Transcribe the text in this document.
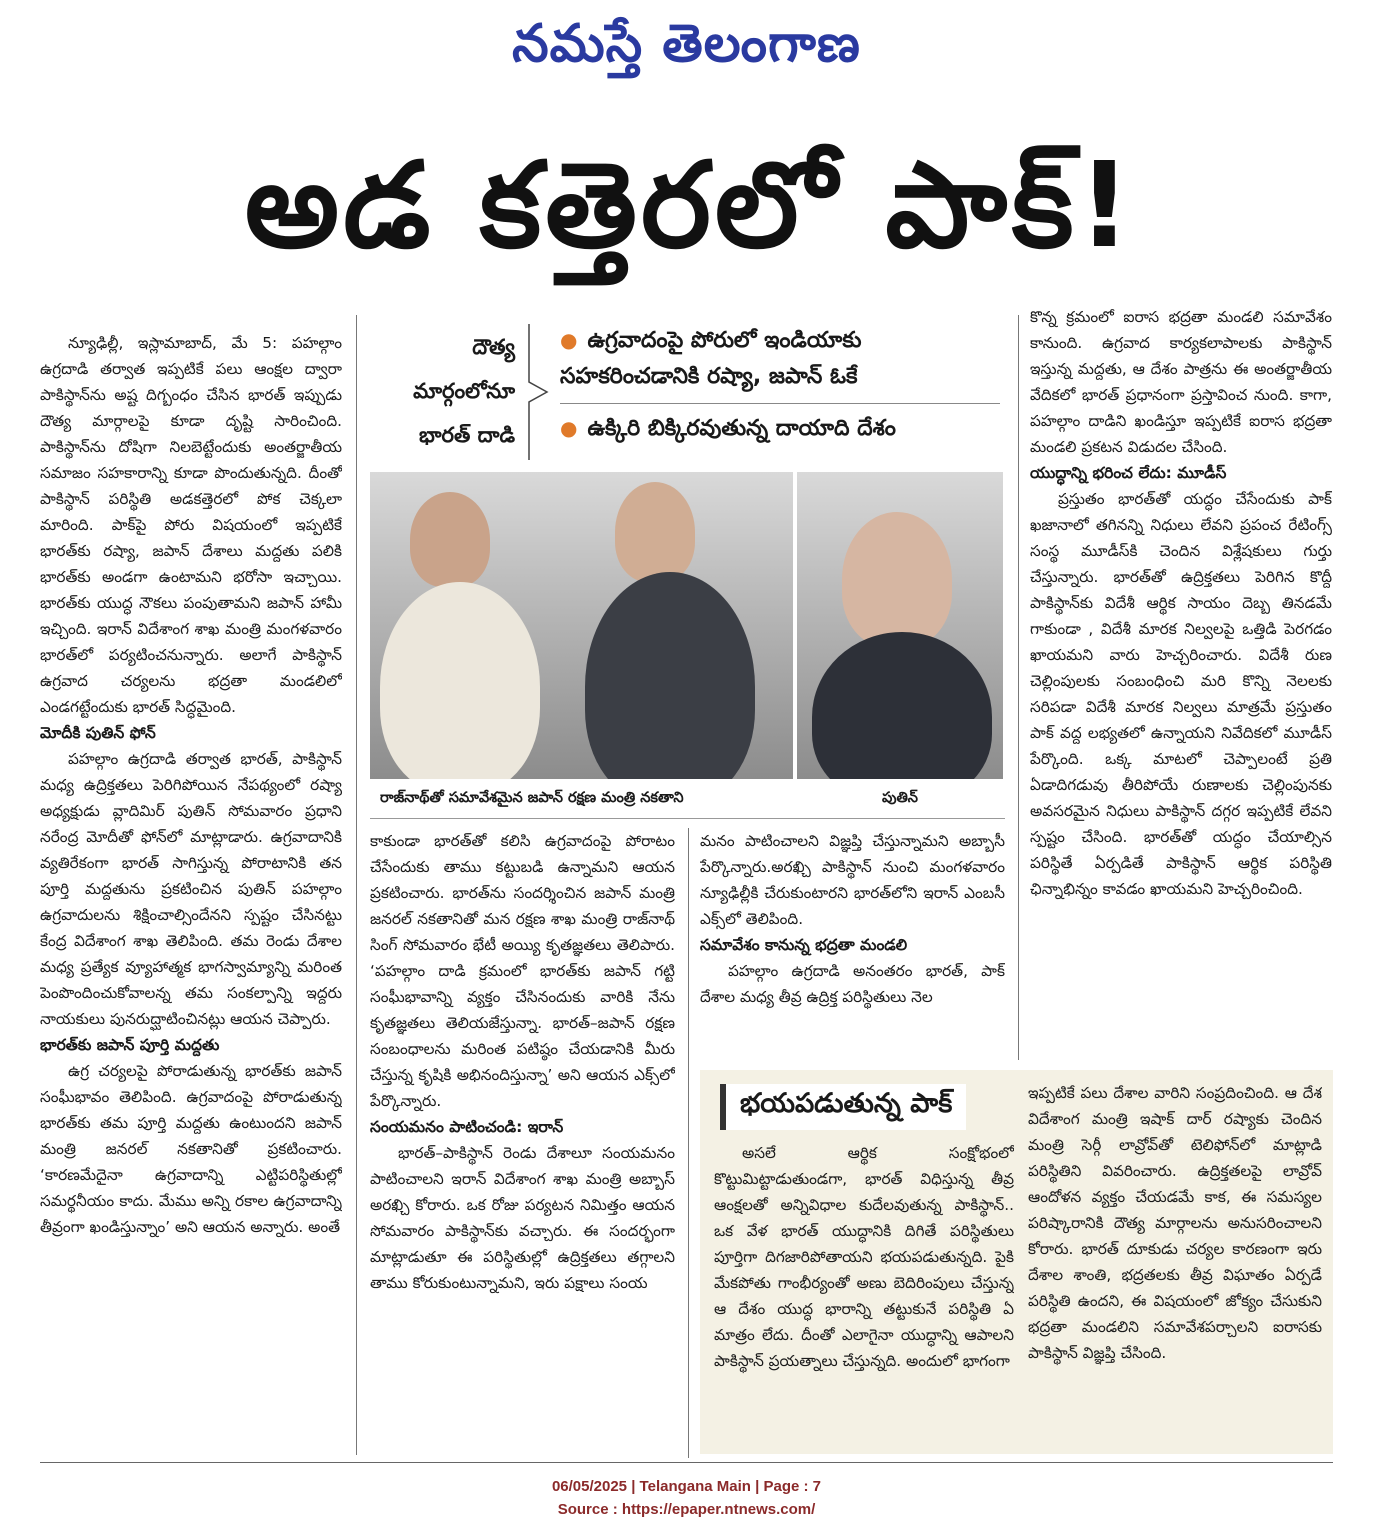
నమస్తే తెలంగాణ
అడ కత్తెరలో పాక్!

న్యూఢిల్లీ, ఇస్లామాబాద్, మే 5: పహల్గాం ఉగ్రదాడి తర్వాత ఇప్పటికే పలు ఆంక్షల ద్వారా పాకిస్థాన్‌ను అష్ట దిగ్బంధం చేసిన భారత్ ఇప్పుడు దౌత్య మార్గాలపై కూడా దృష్టి సారించింది. పాకిస్థాన్‌ను దోషిగా నిలబెట్టేందుకు అంతర్జాతీయ సమాజం సహకారాన్ని కూడా పొందుతున్నది. దీంతో పాకిస్థాన్ పరిస్థితి అడకత్తెరలో పోక చెక్కలా మారింది. పాక్‌పై పోరు విషయంలో ఇప్పటికే భారత్‌కు రష్యా, జపాన్ దేశాలు మద్దతు పలికి భారత్‌కు అండగా ఉంటామని భరోసా ఇచ్చాయి. భారత్‌కు యుద్ధ నౌకలు పంపుతామని జపాన్ హామీ ఇచ్చింది. ఇరాన్ విదేశాంగ శాఖ మంత్రి మంగళవారం భారత్‌లో పర్యటించనున్నారు. అలాగే పాకిస్థాన్ ఉగ్రవాద చర్యలను భద్రతా మండలిలో ఎండగట్టేందుకు భారత్ సిద్ధమైంది.

మోదీకి పుతిన్ ఫోన్

పహల్గాం ఉగ్రదాడి తర్వాత భారత్, పాకిస్థాన్ మధ్య ఉద్రిక్తతలు పెరిగిపోయిన నేపథ్యంలో రష్యా అధ్యక్షుడు వ్లాదిమిర్ పుతిన్ సోమవారం ప్రధాని నరేంద్ర మోదీతో ఫోన్‌లో మాట్లాడారు. ఉగ్రవాదానికి వ్యతిరేకంగా భారత్ సాగిస్తున్న పోరాటానికి తన పూర్తి మద్దతును ప్రకటించిన పుతిన్ పహల్గాం ఉగ్రవాదులను శిక్షించాల్సిందేనని స్పష్టం చేసినట్టు కేంద్ర విదేశాంగ శాఖ తెలిపింది. తమ రెండు దేశాల మధ్య ప్రత్యేక వ్యూహాత్మక భాగస్వామ్యాన్ని మరింత పెంపొందించుకోవాలన్న తమ సంకల్పాన్ని ఇద్దరు నాయకులు పునరుద్ఘాటించినట్లు ఆయన చెప్పారు.

భారత్‌కు జపాన్ పూర్తి మద్దతు

ఉగ్ర చర్యలపై పోరాడుతున్న భారత్‌కు జపాన్ సంఘీభావం తెలిపింది. ఉగ్రవాదంపై పోరాడుతున్న భారత్‌కు తమ పూర్తి మద్దతు ఉంటుందని జపాన్ మంత్రి జనరల్ నకతానితో ప్రకటించారు. ‘కారణమేదైనా ఉగ్రవాదాన్ని ఎట్టిపరిస్థితుల్లో సమర్థనీయం కాదు. మేము అన్ని రకాల ఉగ్రవాదాన్ని తీవ్రంగా ఖండిస్తున్నాం’ అని ఆయన అన్నారు. అంతే

దౌత్య
మార్గంలోనూ
భారత్ దాడి
● ఉగ్రవాదంపై పోరులో ఇండియాకు సహకరించడానికి రష్యా, జపాన్ ఓకే
● ఉక్కిరి బిక్కిరవుతున్న దాయాది దేశం
రాజ్‌నాథ్‌తో సమావేశమైన జపాన్ రక్షణ మంత్రి నకతాని	పుతిన్

కాకుండా భారత్‌తో కలిసి ఉగ్రవాదంపై పోరాటం చేసేందుకు తాము కట్టుబడి ఉన్నామని ఆయన ప్రకటించారు. భారత్‌ను సందర్శించిన జపాన్ మంత్రి జనరల్ నకతానితో మన రక్షణ శాఖ మంత్రి రాజ్‌నాథ్ సింగ్ సోమవారం భేటీ అయ్యి కృతజ్ఞతలు తెలిపారు. ‘పహల్గాం దాడి క్రమంలో భారత్‌కు జపాన్ గట్టి సంఘీభావాన్ని వ్యక్తం చేసినందుకు వారికి నేను కృతజ్ఞతలు తెలియజేస్తున్నా. భారత్–జపాన్ రక్షణ సంబంధాలను మరింత పటిష్ఠం చేయడానికి మీరు చేస్తున్న కృషికి అభినందిస్తున్నా’ అని ఆయన ఎక్స్‌లో పేర్కొన్నారు.

సంయమనం పాటించండి: ఇరాన్

భారత్–పాకిస్థాన్ రెండు దేశాలూ సంయమనం పాటించాలని ఇరాన్ విదేశాంగ శాఖ మంత్రి అబ్బాస్ అరఖ్చి కోరారు. ఒక రోజు పర్యటన నిమిత్తం ఆయన సోమవారం పాకిస్థాన్‌కు వచ్చారు. ఈ సందర్భంగా మాట్లాడుతూ ఈ పరిస్థితుల్లో ఉద్రిక్తతలు తగ్గాలని తాము కోరుకుంటున్నామని, ఇరు పక్షాలు సంయ

మనం పాటించాలని విజ్ఞప్తి చేస్తున్నామని అబ్బాసీ పేర్కొన్నారు.అరఖ్చి పాకిస్థాన్ నుంచి మంగళవారం న్యూఢిల్లీకి చేరుకుంటారని భారత్‌లోని ఇరాన్ ఎంబసీ ఎక్స్‌లో తెలిపింది.

సమావేశం కానున్న భద్రతా మండలి

పహల్గాం ఉగ్రదాడి అనంతరం భారత్, పాక్ దేశాల మధ్య తీవ్ర ఉద్రిక్త పరిస్థితులు నెల

కొన్న క్రమంలో ఐరాస భద్రతా మండలి సమావేశం కానుంది. ఉగ్రవాద కార్యకలాపాలకు పాకిస్థాన్ ఇస్తున్న మద్దతు, ఆ దేశం పాత్రను ఈ అంతర్జాతీయ వేదికలో భారత్ ప్రధానంగా ప్రస్తావించ నుంది. కాగా, పహల్గాం దాడిని ఖండిస్తూ ఇప్పటికే ఐరాస భద్రతా మండలి ప్రకటన విడుదల చేసింది.

యుద్ధాన్ని భరించ లేదు: మూడీస్

ప్రస్తుతం భారత్‌తో యద్ధం చేసేందుకు పాక్ ఖజానాలో తగినన్ని నిధులు లేవని ప్రపంచ రేటింగ్స్ సంస్థ మూడీస్‌కి చెందిన విశ్లేషకులు గుర్తు చేస్తున్నారు. భారత్‌తో ఉద్రిక్తతలు పెరిగిన కొద్దీ పాకిస్థాన్‌కు విదేశీ ఆర్థిక సాయం దెబ్బ తినడమే గాకుండా , విదేశీ మారక నిల్వలపై ఒత్తిడి పెరగడం ఖాయమని వారు హెచ్చరించారు. విదేశీ రుణ చెల్లింపులకు సంబంధించి మరి కొన్ని నెలలకు సరిపడా విదేశీ మారక నిల్వలు మాత్రమే ప్రస్తుతం పాక్ వద్ద లభ్యతలో ఉన్నాయని నివేదికలో మూడీస్ పేర్కొంది. ఒక్క మాటలో చెప్పాలంటే ప్రతి ఏడాదిగడువు తీరిపోయే రుణాలకు చెల్లింపునకు అవసరమైన నిధులు పాకిస్థాన్ దగ్గర ఇప్పటికే లేవని స్పష్టం చేసింది. భారత్‌తో యద్ధం చేయాల్సిన పరిస్థితే ఏర్పడితే పాకిస్థాన్ ఆర్థిక పరిస్థితి ఛిన్నాభిన్నం కావడం ఖాయమని హెచ్చరించింది.

భయపడుతున్న పాక్

అసలే ఆర్థిక సంక్షోభంలో కొట్టుమిట్టాడుతుండగా, భారత్ విధిస్తున్న తీవ్ర ఆంక్షలతో అన్నివిధాల కుదేలవుతున్న పాకిస్థాన్.. ఒక వేళ భారత్ యుద్ధానికి దిగితే పరిస్థితులు పూర్తిగా దిగజారిపోతాయని భయపడుతున్నది. పైకి మేకపోతు గాంభీర్యంతో అణు బెదిరింపులు చేస్తున్న ఆ దేశం యుద్ధ భారాన్ని తట్టుకునే పరిస్థితి ఏ మాత్రం లేదు. దీంతో ఎలాగైనా యుద్ధాన్ని ఆపాలని పాకిస్థాన్ ప్రయత్నాలు చేస్తున్నది. అందులో భాగంగా

ఇప్పటికే పలు దేశాల వారిని సంప్రదించింది. ఆ దేశ విదేశాంగ మంత్రి ఇషాక్ దార్ రష్యాకు చెందిన మంత్రి సెర్గీ లావ్రోవ్‌తో టెలిఫోన్‌లో మాట్లాడి పరిస్థితిని వివరించారు. ఉద్రిక్తతలపై లావ్రోవ్ ఆందోళన వ్యక్తం చేయడమే కాక, ఈ సమస్యల పరిష్కారానికి దౌత్య మార్గాలను అనుసరించాలని కోరారు. భారత్ దూకుడు చర్యల కారణంగా ఇరు దేశాల శాంతి, భద్రతలకు తీవ్ర విఘాతం ఏర్పడే పరిస్థితి ఉందని, ఈ విషయంలో జోక్యం చేసుకుని భద్రతా మండలిని సమావేశపర్చాలని ఐరాసకు పాకిస్థాన్ విజ్ఞప్తి చేసింది.

06/05/2025 | Telangana Main | Page : 7
Source : https://epaper.ntnews.com/
